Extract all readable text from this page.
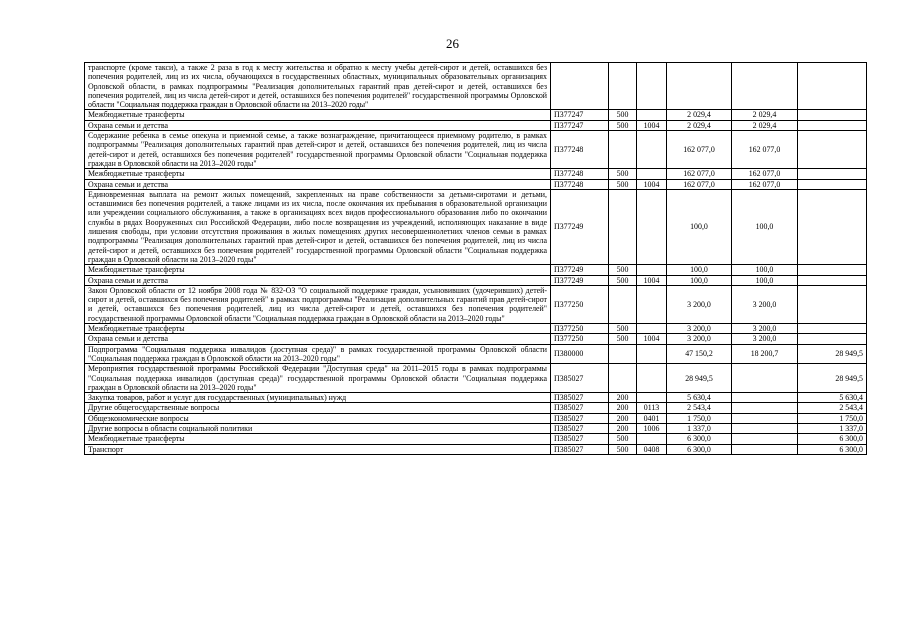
26
транспорте (кроме такси), а также 2 раза в год к месту жительства и обратно к месту учебы детей-сирот и детей, оставшихся без попечения родителей, лиц из их числа, обучающихся в государственных областных, муниципальных образовательных организациях Орловской области, в рамках подпрограммы "Реализация дополнительных гарантий прав детей-сирот и детей, оставшихся без попечения родителей, лиц из числа детей-сирот и детей, оставшихся без попечения родителей" государственной программы Орловской области "Социальная поддержка граждан в Орловской области на 2013–2020 годы"						
Межбюджетные трансферты	П377247	500		2 029,4	2 029,4	
Охрана семьи и детства	П377247	500	1004	2 029,4	2 029,4	
Содержание ребенка в семье опекуна и приемной семье, а также вознаграждение, причитающееся приемному родителю, в рамках подпрограммы "Реализация дополнительных гарантий прав детей-сирот и детей, оставшихся без попечения родителей, лиц из числа детей-сирот и детей, оставшихся без попечения родителей" государственной программы Орловской области "Социальная поддержка граждан в Орловской области на 2013–2020 годы"	П377248			162 077,0	162 077,0	
Межбюджетные трансферты	П377248	500		162 077,0	162 077,0	
Охрана семьи и детства	П377248	500	1004	162 077,0	162 077,0	
Единовременная выплата на ремонт жилых помещений, закрепленных на праве собственности за детьми-сиротами и детьми, оставшимися без попечения родителей, а также лицами из их числа, после окончания их пребывания в образовательной организации или учреждении социального обслуживания, а также в организациях всех видов профессионального образования либо по окончании службы в рядах Вооруженных сил Российской Федерации, либо после возвращения из учреждений, исполняющих наказание в виде лишения свободы, при условии отсутствия проживания в жилых помещениях других несовершеннолетних членов семьи в рамках подпрограммы "Реализация дополнительных гарантий прав детей-сирот и детей, оставшихся без попечения родителей, лиц из числа детей-сирот и детей, оставшихся без попечения родителей" государственной программы Орловской области "Социальная поддержка граждан в Орловской области на 2013–2020 годы"	П377249			100,0	100,0	
Межбюджетные трансферты	П377249	500		100,0	100,0	
Охрана семьи и детства	П377249	500	1004	100,0	100,0	
Закон Орловской области от 12 ноября 2008 года № 832-ОЗ "О социальной поддержке граждан, усыновивших (удочеривших) детей-сирот и детей, оставшихся без попечения родителей" в рамках подпрограммы "Реализация дополнительных гарантий прав детей-сирот и детей, оставшихся без попечения родителей, лиц из числа детей-сирот и детей, оставшихся без попечения родителей" государственной программы Орловской области "Социальная поддержка граждан в Орловской области на 2013–2020 годы"	П377250			3 200,0	3 200,0	
Межбюджетные трансферты	П377250	500		3 200,0	3 200,0	
Охрана семьи и детства	П377250	500	1004	3 200,0	3 200,0	
Подпрограмма "Социальная поддержка инвалидов (доступная среда)" в рамках государственной программы Орловской области "Социальная поддержка граждан в Орловской области на 2013–2020 годы"	П380000			47 150,2	18 200,7	28 949,5
Мероприятия государственной программы Российской Федерации "Доступная среда" на 2011–2015 годы в рамках подпрограммы "Социальная поддержка инвалидов (доступная среда)" государственной программы Орловской области "Социальная поддержка граждан в Орловской области на 2013–2020 годы"	П385027			28 949,5		28 949,5
Закупка товаров, работ и услуг для государственных (муниципальных) нужд	П385027	200		5 630,4		5 630,4
Другие общегосударственные вопросы	П385027	200	0113	2 543,4		2 543,4
Общеэкономические вопросы	П385027	200	0401	1 750,0		1 750,0
Другие вопросы в области социальной политики	П385027	200	1006	1 337,0		1 337,0
Межбюджетные трансферты	П385027	500		6 300,0		6 300,0
Транспорт	П385027	500	0408	6 300,0		6 300,0
